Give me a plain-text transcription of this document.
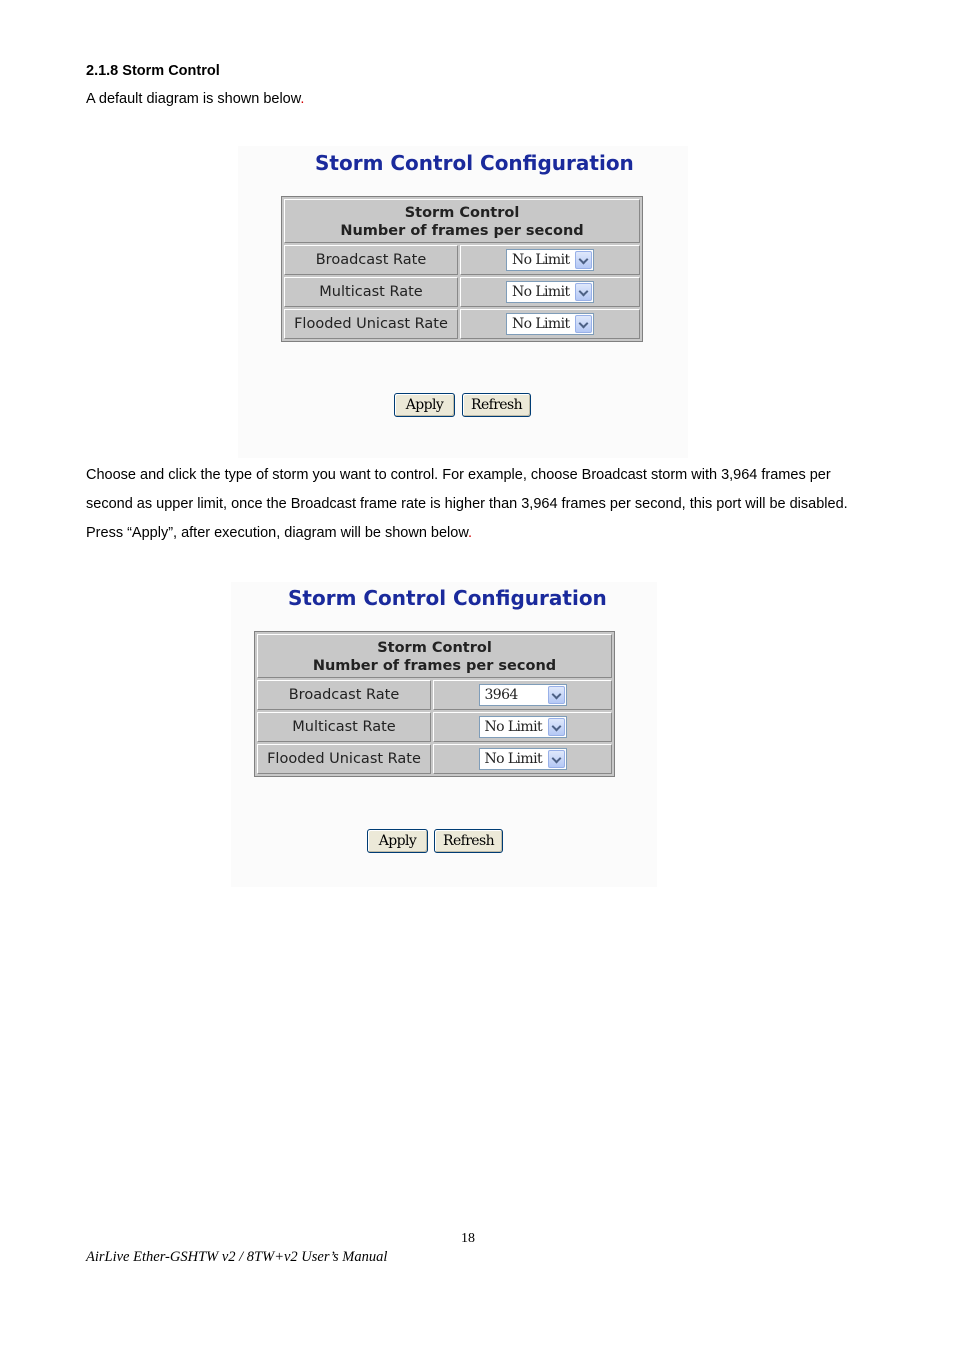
2.1.8 Storm Control
A default diagram is shown below.
Storm Control Configuration
Storm Control
Number of frames per second	

Broadcast Rate	No Limit

Multicast Rate	No Limit

Flooded Unicast Rate	No Limit
Apply	Refresh
Choose and click the type of storm you want to control. For example, choose Broadcast storm with 3,964 frames per second as upper limit, once the Broadcast frame rate is higher than 3,964 frames per second, this port will be disabled. Press “Apply”, after execution, diagram will be shown below.
Storm Control Configuration
Storm Control
Number of frames per second	

Broadcast Rate	3964

Multicast Rate	No Limit

Flooded Unicast Rate	No Limit
Apply	Refresh
18
AirLive Ether-GSHTW v2 / 8TW+v2 User’s Manual
